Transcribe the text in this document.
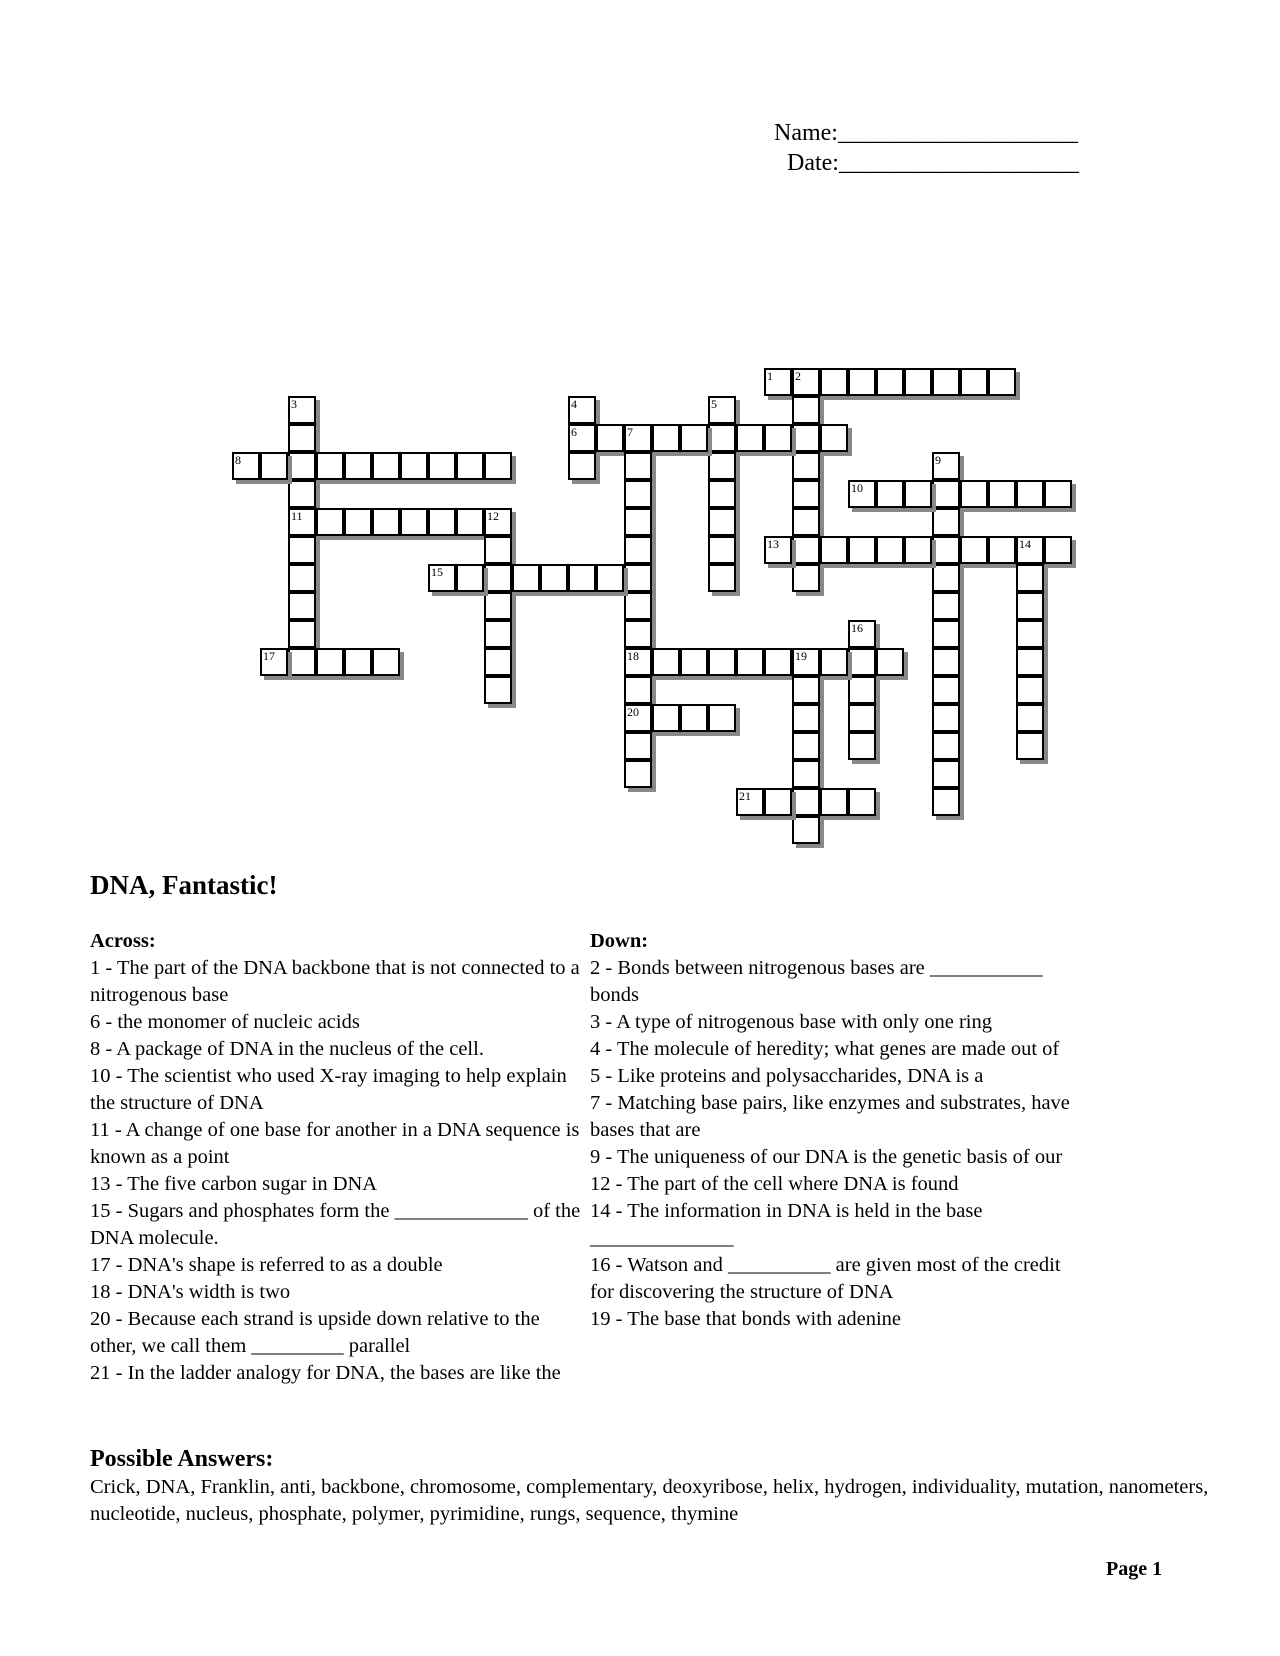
Name:____________________
Date:____________________
1 2
3
11
4
6
5
7
18
20
8	9
10
12
13	14
15
16
17	19
21
DNA, Fantastic!
Across:

1 - The part of the DNA backbone that is not connected to a nitrogenous base

6 - the monomer of nucleic acids

8 - A package of DNA in the nucleus of the cell.

10 - The scientist who used X-ray imaging to help explain the structure of DNA

11 - A change of one base for another in a DNA sequence is known as a point

13 - The five carbon sugar in DNA

15 - Sugars and phosphates form the _____________ of the DNA molecule.

17 - DNA's shape is referred to as a double

18 - DNA's width is two

20 - Because each strand is upside down relative to the other, we call them _________ parallel

21 - In the ladder analogy for DNA, the bases are like the

Down:

2 - Bonds between nitrogenous bases are ___________ bonds

3 - A type of nitrogenous base with only one ring

4 - The molecule of heredity; what genes are made out of

5 - Like proteins and polysaccharides, DNA is a

7 - Matching base pairs, like enzymes and substrates, have bases that are

9 - The uniqueness of our DNA is the genetic basis of our

12 - The part of the cell where DNA is found

14 - The information in DNA is held in the base ______________

16 - Watson and __________ are given most of the credit for discovering the structure of DNA

19 - The base that bonds with adenine

Possible Answers:

Crick, DNA, Franklin, anti, backbone, chromosome, complementary, deoxyribose, helix, hydrogen, individuality, mutation, nanometers, nucleotide, nucleus, phosphate, polymer, pyrimidine, rungs, sequence, thymine

Page 1
